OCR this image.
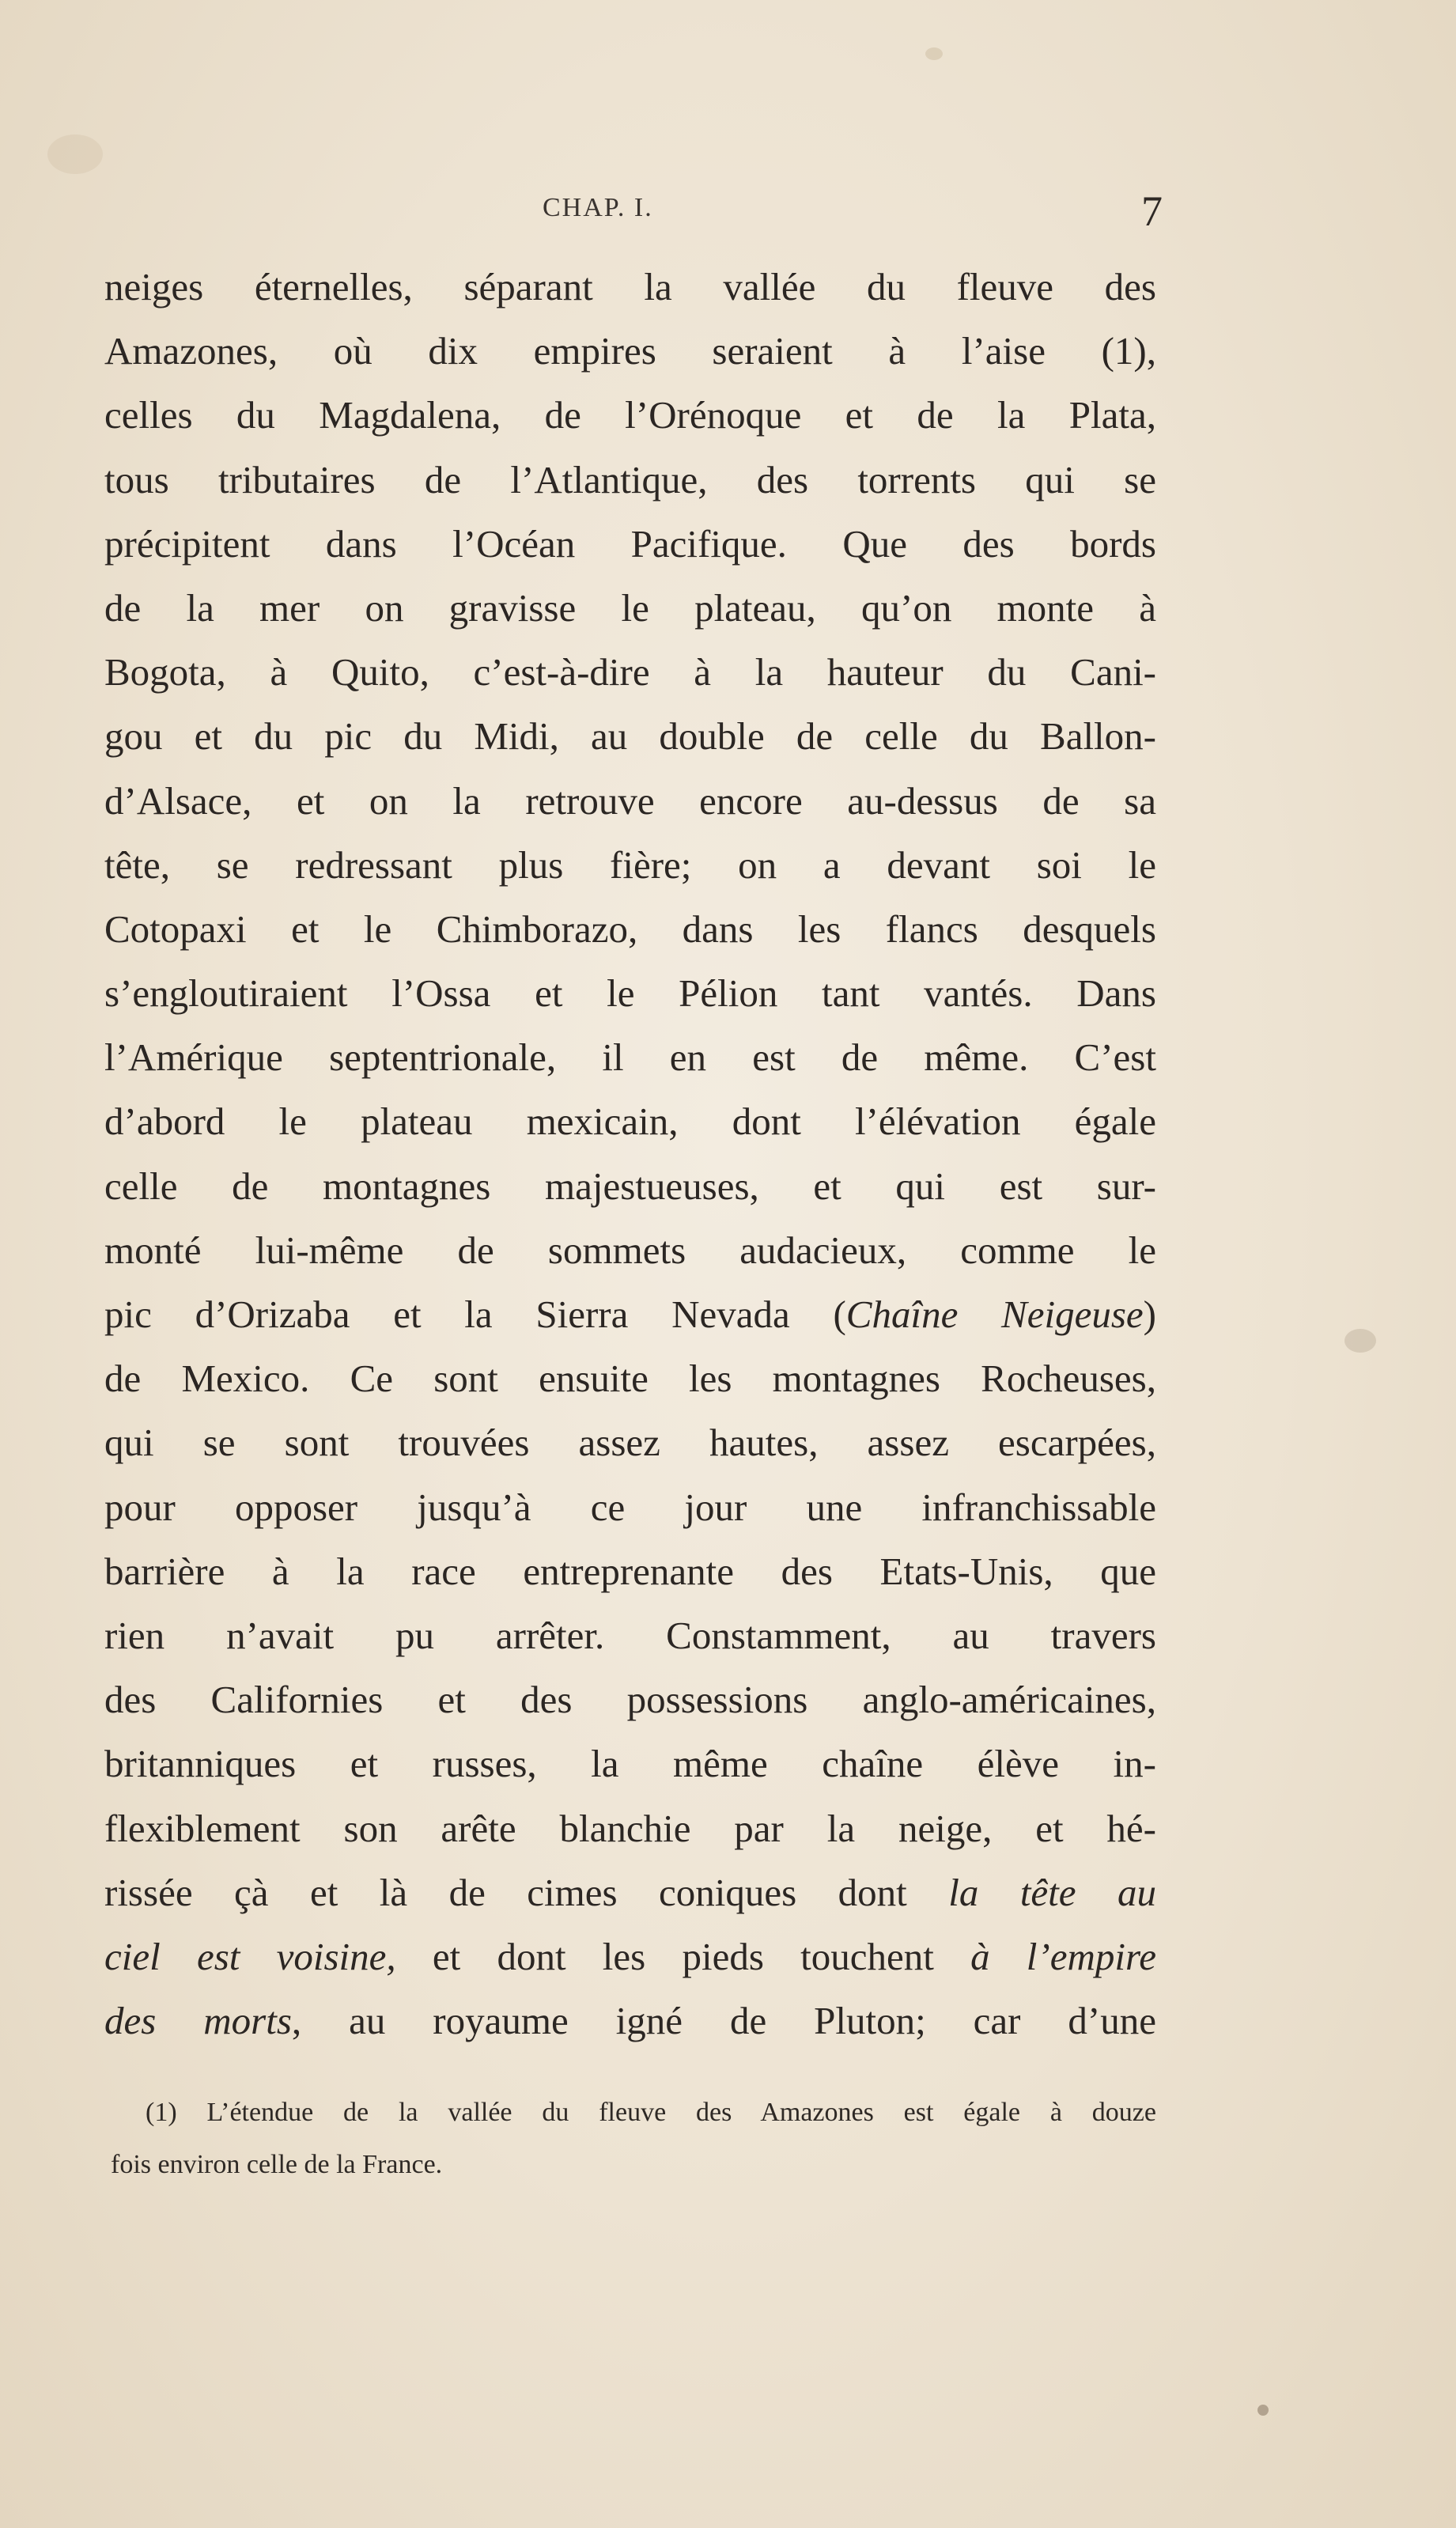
CHAP. I.	7
neiges éternelles, séparant la vallée du fleuve des
Amazones, où dix empires seraient à l’aise (1),
celles du Magdalena, de l’Orénoque et de la Plata,
tous tributaires de l’Atlantique, des torrents qui se
précipitent dans l’Océan Pacifique. Que des bords
de la mer on gravisse le plateau, qu’on monte à
Bogota, à Quito, c’est-à-dire à la hauteur du Cani-
gou et du pic du Midi, au double de celle du Ballon-
d’Alsace, et on la retrouve encore au-dessus de sa
tête, se redressant plus fière; on a devant soi le
Cotopaxi et le Chimborazo, dans les flancs desquels
s’engloutiraient l’Ossa et le Pélion tant vantés. Dans
l’Amérique septentrionale, il en est de même. C’est
d’abord le plateau mexicain, dont l’élévation égale
celle de montagnes majestueuses, et qui est sur-
monté lui-même de sommets audacieux, comme le
pic d’Orizaba et la Sierra Nevada (Chaîne Neigeuse)
de Mexico. Ce sont ensuite les montagnes Rocheuses,
qui se sont trouvées assez hautes, assez escarpées,
pour opposer jusqu’à ce jour une infranchissable
barrière à la race entreprenante des Etats-Unis, que
rien n’avait pu arrêter. Constamment, au travers
des Californies et des possessions anglo-américaines,
britanniques et russes, la même chaîne élève in-
flexiblement son arête blanchie par la neige, et hé-
rissée çà et là de cimes coniques dont la tête au
ciel est voisine, et dont les pieds touchent à l’empire
des morts, au royaume igné de Pluton; car d’une
(1) L’étendue de la vallée du fleuve des Amazones est égale à douze
fois environ celle de la France.
